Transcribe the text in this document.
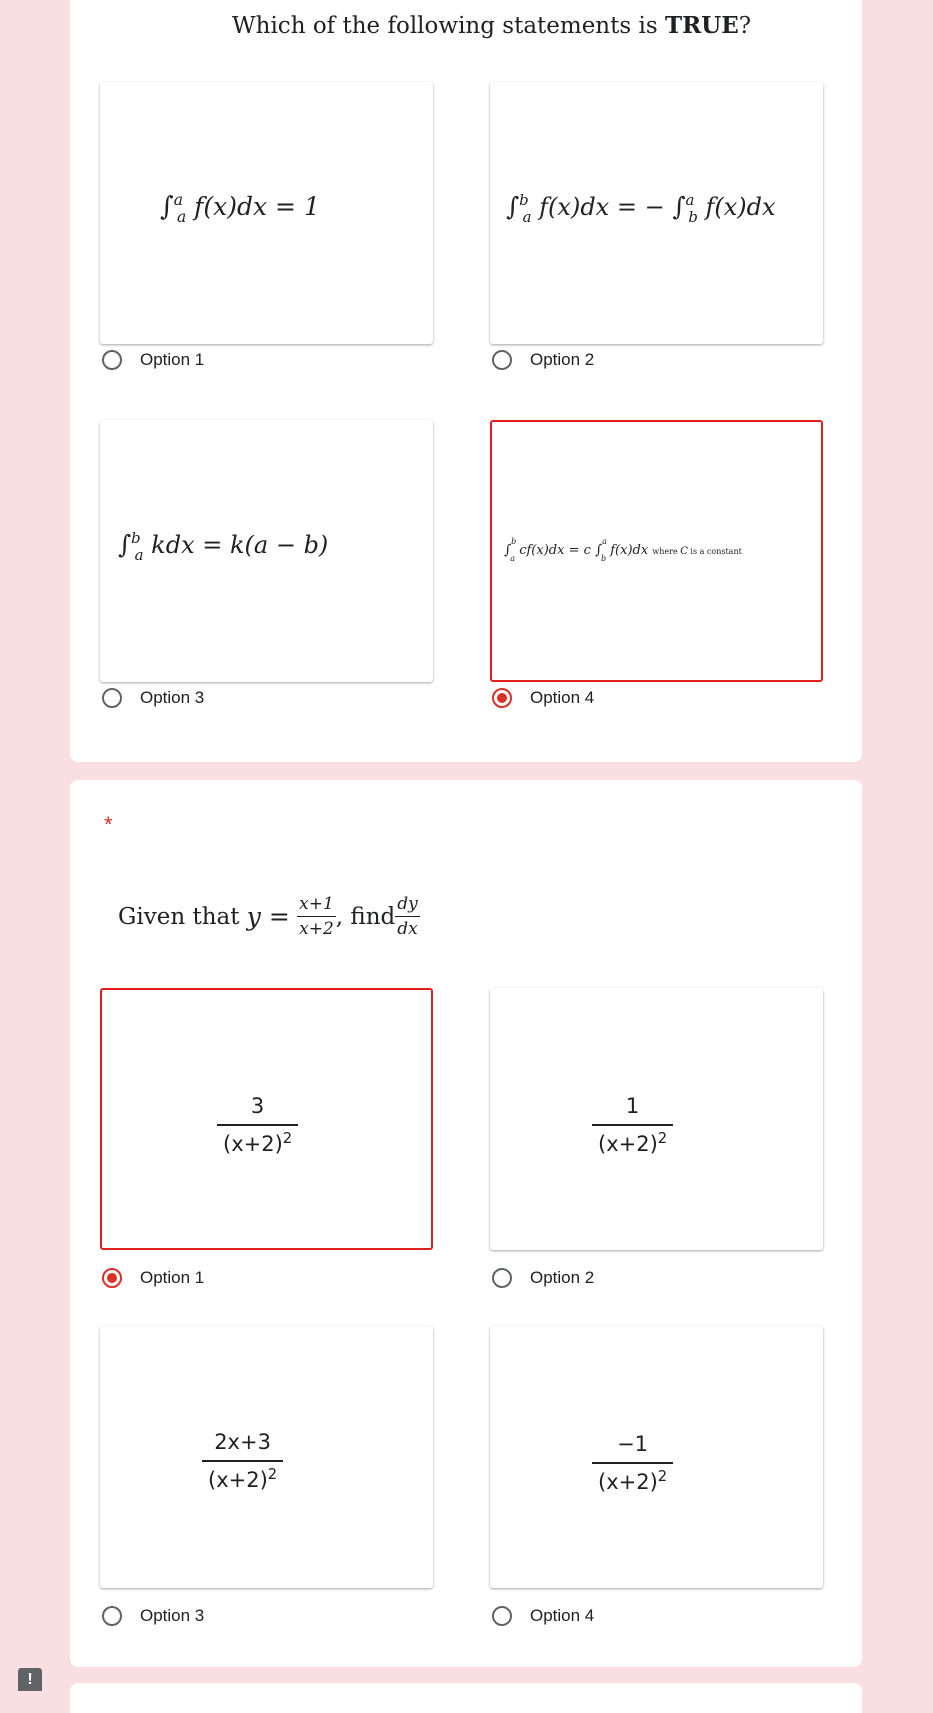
Which of the following statements is TRUE?
∫$^a_a$ f(x)dx = 1	∫$^b_a$ f(x)dx = − ∫$^a_b$ f(x)dx
Option 1	Option 2
∫$^b_a$ kdx = k(a − b)	∫$^b_a$ cf(x)dx = c ∫$^a_b$ f(x)dx where C is a constant
Option 3	Option 4
*
Given that
y =
$\frac{x+1}{x+2}$ , find $\frac{dy}{dx}$
$\frac{3}{(x+2)^2}$	$\frac{1}{(x+2)^2}$
Option 1	Option 2
$\frac{2x+3}{(x+2)^2}$	$\frac{-1}{(x+2)^2}$
Option 3	Option 4
!
